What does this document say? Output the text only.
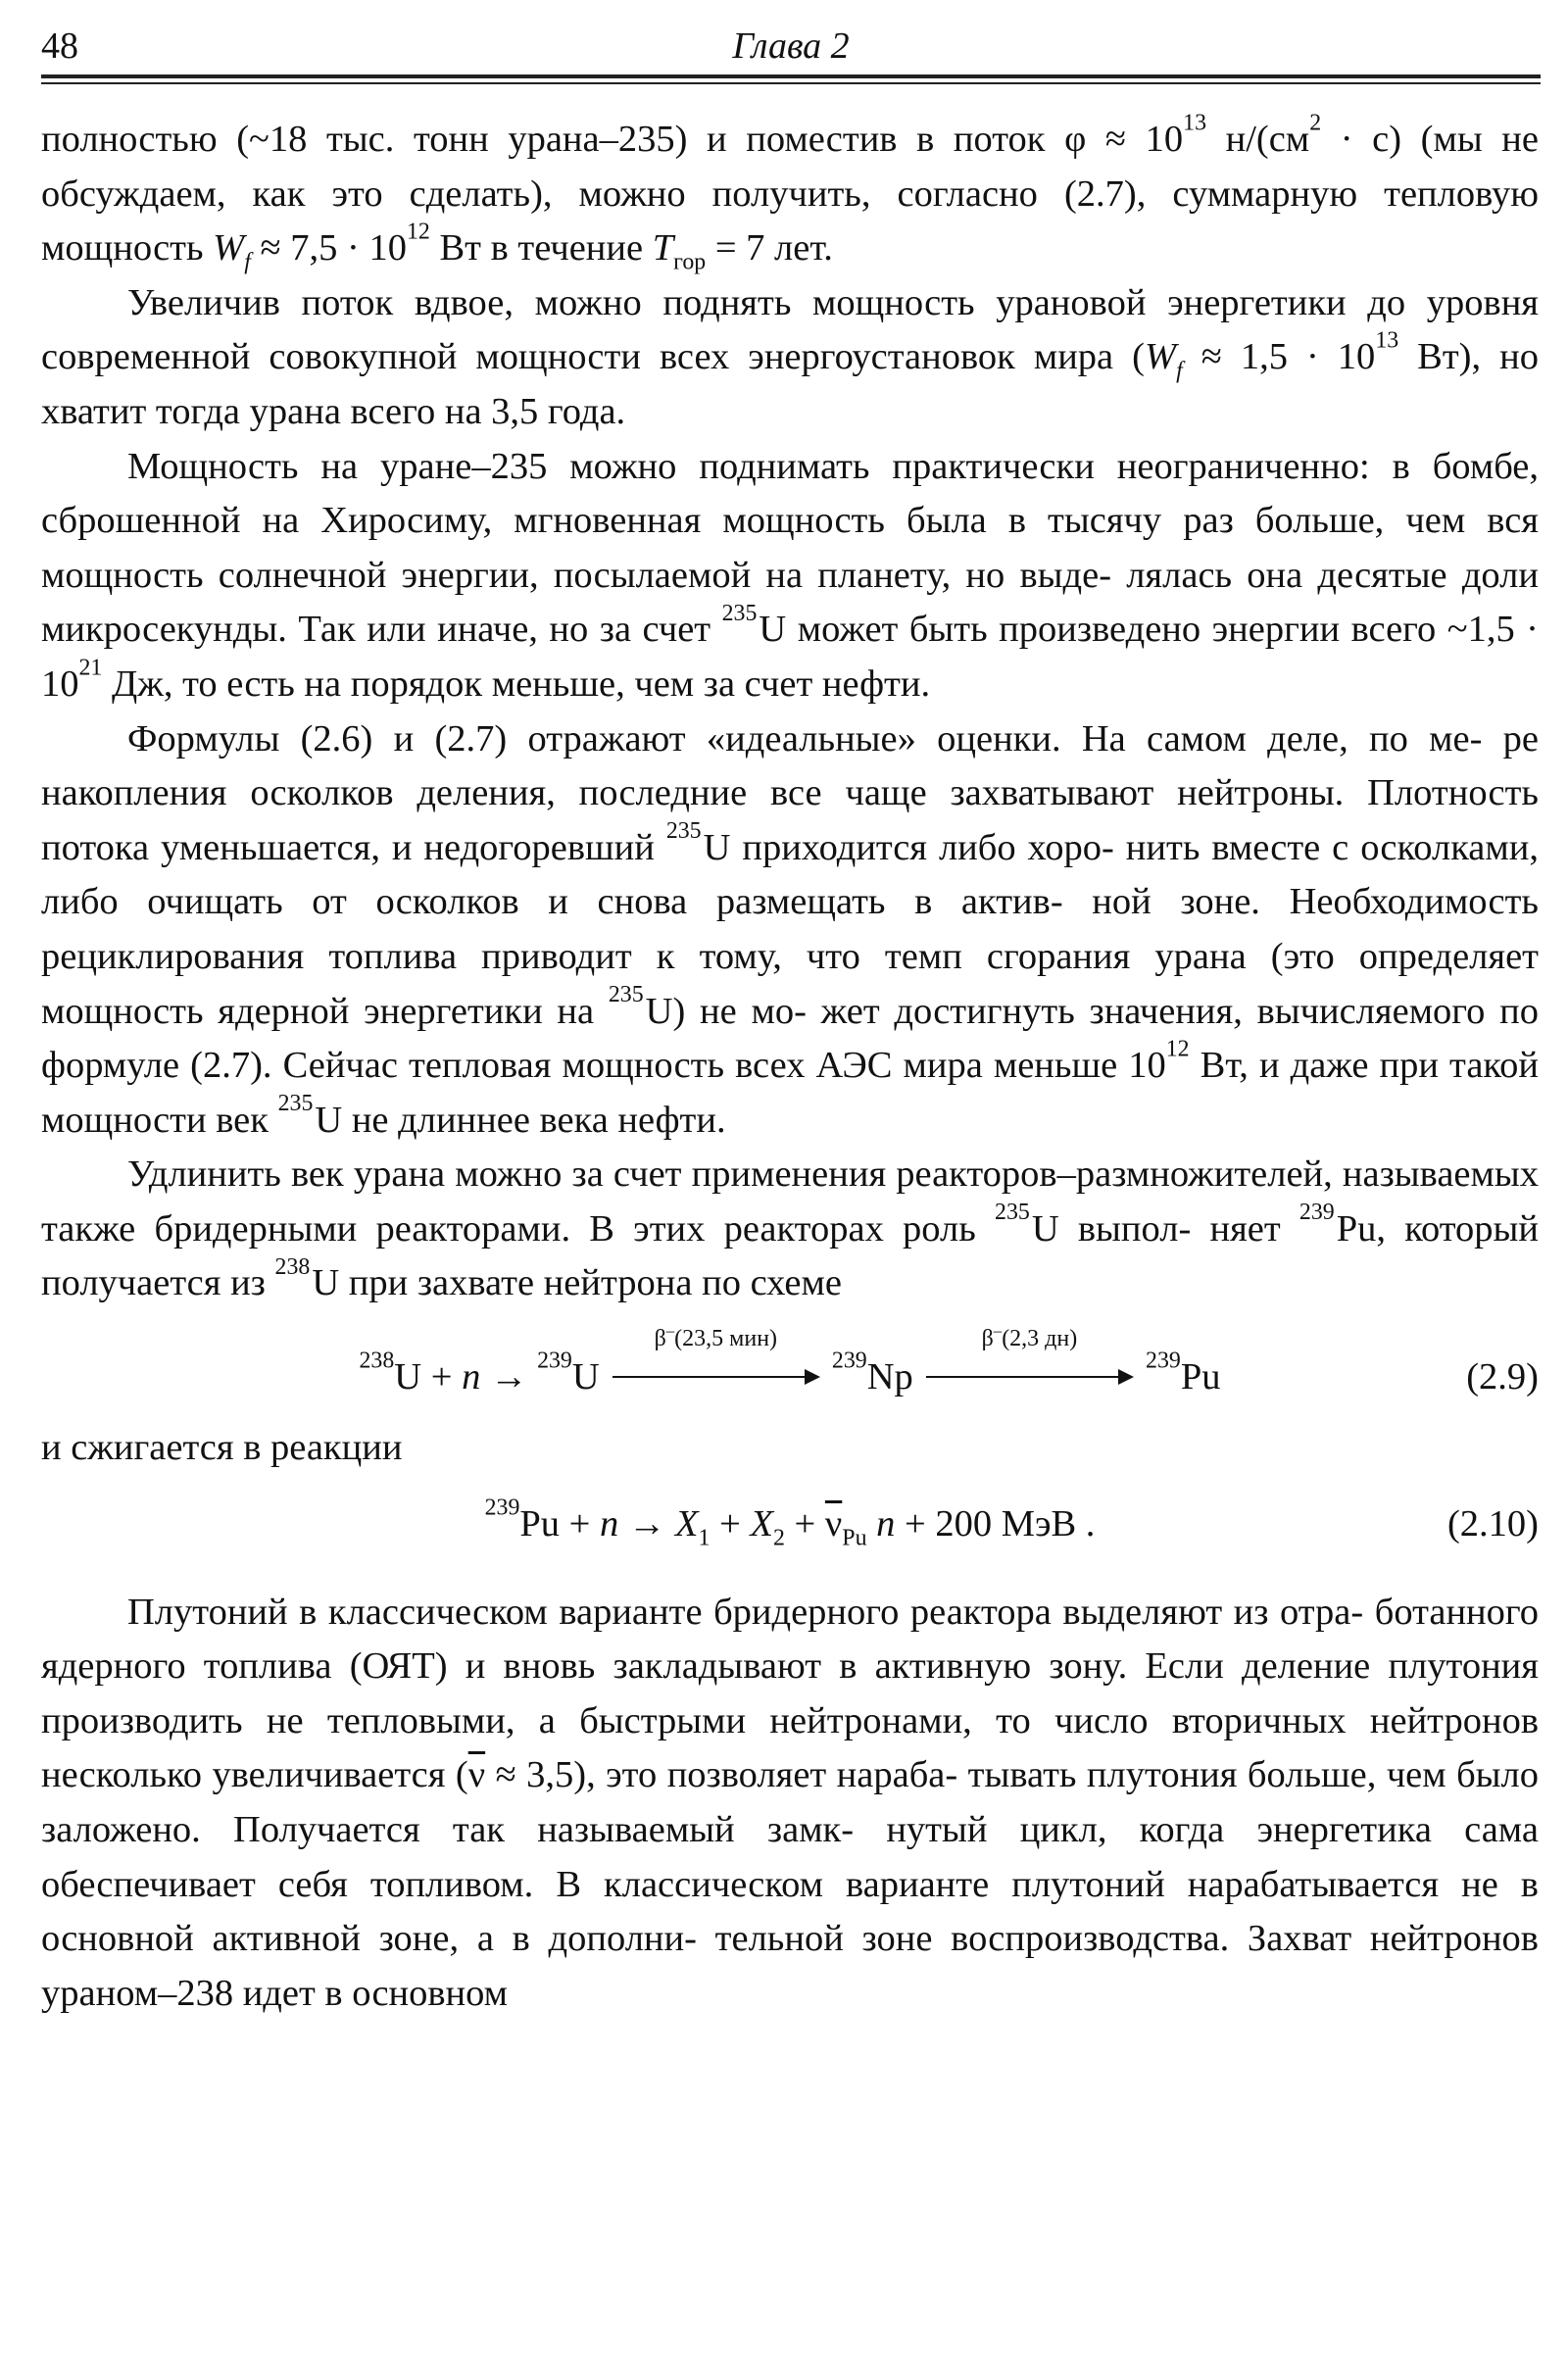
48	Глава 2

полностью (~18 тыс. тонн урана–235) и поместив в поток $\varphi \approx 10^{13}$ $н/(см^2 \cdot с)$ (мы не обсуждаем, как это сделать), можно получить, согласно (2.7), суммарную тепловую мощность $W_f \approx 7,5 \cdot 10^{12}$ Вт в течение $T_{гор} = 7$ лет.

Увеличив поток вдвое, можно поднять мощность урановой энергетики до уровня современной совокупной мощности всех энергоустановок мира ($W_f \approx 1,5 \cdot 10^{13}$ Вт), но хватит тогда урана всего на 3,5 года.

Мощность на уране–235 можно поднимать практически неограниченно: в бомбе, сброшенной на Хиросиму, мгновенная мощность была в тысячу раз больше, чем вся мощность солнечной энергии, посылаемой на планету, но выде- лялась она десятые доли микросекунды. Так или иначе, но за счет $^{235}$U может быть произведено энергии всего ~1,5 · $10^{21}$ Дж, то есть на порядок меньше, чем за счет нефти.

Формулы (2.6) и (2.7) отражают «идеальные» оценки. На самом деле, по ме- ре накопления осколков деления, последние все чаще захватывают нейтроны. Плотность потока уменьшается, и недогоревший $^{235}$U приходится либо хоро- нить вместе с осколками, либо очищать от осколков и снова размещать в актив- ной зоне. Необходимость рециклирования топлива приводит к тому, что темп сгорания урана (это определяет мощность ядерной энергетики на $^{235}$U) не мо- жет достигнуть значения, вычисляемого по формуле (2.7). Сейчас тепловая мощность всех АЭС мира меньше $10^{12}$ Вт, и даже при такой мощности век $^{235}$U не длиннее века нефти.

Удлинить век урана можно за счет применения реакторов–размножителей, называемых также бридерными реакторами. В этих реакторах роль $^{235}$U выпол- няет $^{239}$Pu, который получается из $^{238}$U при захвате нейтрона по схеме

$^{238}$U + n → $^{239}$U
β–(23,5 мин)
$^{239}$Np
β–(2,3 дн)
$^{239}$Pu	(2.9)

и сжигается в реакции

$^{239}Pu + n \to X_1 + X_2 + \overline{\nu}_{Pu}$ n + 200 МэВ .	(2.10)

Плутоний в классическом варианте бридерного реактора выделяют из отра- ботанного ядерного топлива (ОЯТ) и вновь закладывают в активную зону. Если деление плутония производить не тепловыми, а быстрыми нейтронами, то число вторичных нейтронов несколько увеличивается $(\overline{\nu} \approx 3,5)$, это позволяет нараба- тывать плутония больше, чем было заложено. Получается так называемый замк- нутый цикл, когда энергетика сама обеспечивает себя топливом. В классическом варианте плутоний нарабатывается не в основной активной зоне, а в дополни- тельной зоне воспроизводства. Захват нейтронов ураном–238 идет в основном
